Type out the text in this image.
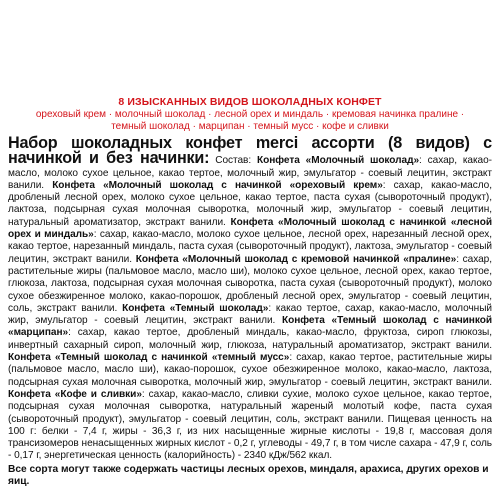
8 ИЗЫСКАННЫХ ВИДОВ ШОКОЛАДНЫХ КОНФЕТ
ореховый крем · молочный шоколад · лесной орех и миндаль · кремовая начинка пралине ·
темный шоколад · марципан · темный мусс · кофе и сливки
Набор шоколадных конфет merci ассорти (8 видов) с начинкой и без начинки: Состав: Конфета «Молочный шоколад»: сахар, какао-масло, молоко сухое цельное, какао тертое, молочный жир, эмульгатор - соевый лецитин, экстракт ванили. Конфета «Молочный шоколад с начинкой «ореховый крем»: сахар, какао-масло, дробленый лесной орех, молоко сухое цельное, какао тертое, паста сухая (сывороточный продукт), лактоза, подсырная сухая молочная сыворотка, молочный жир, эмульгатор - соевый лецитин, натуральный ароматизатор, экстракт ванили. Конфета «Молочный шоколад с начинкой «лесной орех и миндаль»: сахар, какао-масло, молоко сухое цельное, лесной орех, нарезанный лесной орех, какао тертое, нарезанный миндаль, паста сухая (сывороточный продукт), лактоза, эмульгатор - соевый лецитин, экстракт ванили. Конфета «Молочный шоколад с кремовой начинкой «пралине»: сахар, растительные жиры (пальмовое масло, масло ши), молоко сухое цельное, лесной орех, какао тертое, глюкоза, лактоза, подсырная сухая молочная сыворотка, паста сухая (сывороточный продукт), молоко сухое обезжиренное молоко, какао-порошок, дробленый лесной орех, эмульгатор - соевый лецитин, соль, экстракт ванили. Конфета «Темный шоколад»: какао тертое, сахар, какао-масло, молочный жир, эмульгатор - соевый лецитин, экстракт ванили. Конфета «Темный шоколад с начинкой «марципан»: сахар, какао тертое, дробленый миндаль, какао-масло, фруктоза, сироп глюкозы, инвертный сахарный сироп, молочный жир, глюкоза, натуральный ароматизатор, экстракт ванили. Конфета «Темный шоколад с начинкой «темный мусс»: сахар, какао тертое, растительные жиры (пальмовое масло, масло ши), какао-порошок, сухое обезжиренное молоко, какао-масло, лактоза, подсырная сухая молочная сыворотка, молочный жир, эмульгатор - соевый лецитин, экстракт ванили. Конфета «Кофе и сливки»: сахар, какао-масло, сливки сухие, молоко сухое цельное, какао тертое, подсырная сухая молочная сыворотка, натуральный жареный молотый кофе, паста сухая (сывороточный продукт), эмульгатор - соевый лецитин, соль, экстракт ванили. Пищевая ценность на 100 г: белки - 7,4 г, жиры - 36,3 г, из них насыщенные жирные кислоты - 19,8 г, массовая доля трансизомеров ненасыщенных жирных кислот - 0,2 г, углеводы - 49,7 г, в том числе сахара - 47,9 г, соль - 0,17 г, энергетическая ценность (калорийность) - 2340 кДж/562 ккал.
Все сорта могут также содержать частицы лесных орехов, миндаля, арахиса, других орехов и яиц.
